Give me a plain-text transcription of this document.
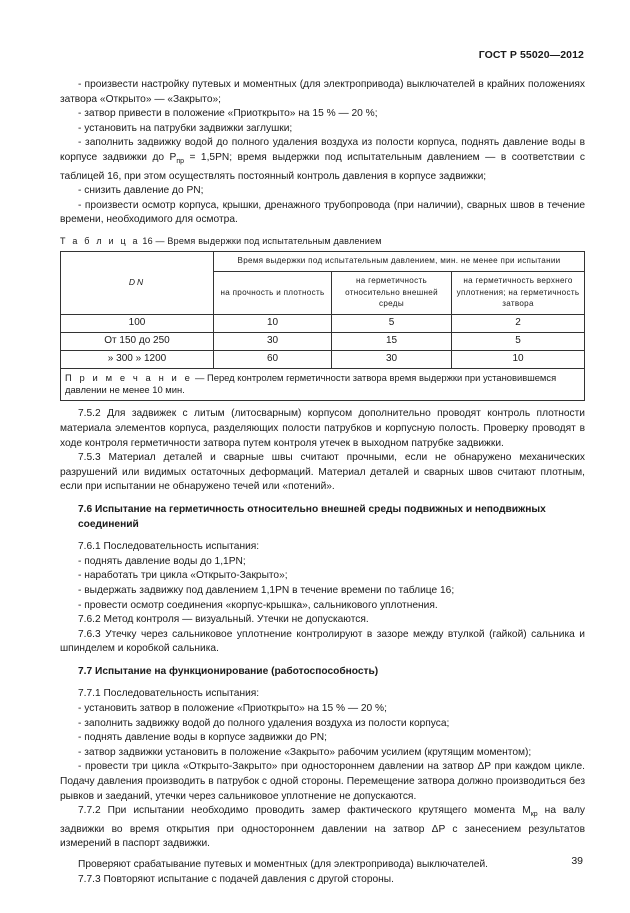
ГОСТ Р 55020—2012

- произвести настройку путевых и моментных (для электропривода) выключателей в крайних положениях затвора «Открыто» — «Закрыто»;

- затвор привести в положение «Приоткрыто» на 15 % — 20 %;

- установить на патрубки задвижки заглушки;

- заполнить задвижку водой до полного удаления воздуха из полости корпуса, поднять давление воды в корпусе задвижки до $P_{пр} = 1,5PN$; время выдержки под испытательным давлением — в соответствии с таблицей 16, при этом осуществлять постоянный контроль давления в корпусе задвижки;

- снизить давление до PN;

- произвести осмотр корпуса, крышки, дренажного трубопровода (при наличии), сварных швов в течение времени, необходимого для осмотра.

Т а б л и ц а 16 — Время выдержки под испытательным давлением
DN	Время выдержки под испытательным давлением, мин. не менее при испытании		
	на прочность и плотность	на герметичность относительно внешней среды	на герметичность верхнего уплотнения; на герметичность затвора
100	10	5	2
От 150 до 250	30	15	5
» 300 » 1200	60	30	10
П р и м е ч а н и е — Перед контролем герметичности затвора время выдержки при установившемся давлении не менее 10 мин.			

7.5.2 Для задвижек с литым (литосварным) корпусом дополнительно проводят контроль плотности материала элементов корпуса, разделяющих полости патрубков и корпусную полость. Проверку проводят в ходе контроля герметичности затвора путем контроля утечек в выходном патрубке задвижки.

7.5.3 Материал деталей и сварные швы считают прочными, если не обнаружено механических разрушений или видимых остаточных деформаций. Материал деталей и сварных швов считают плотным, если при испытании не обнаружено течей или «потений».

7.6 Испытание на герметичность относительно внешней среды подвижных и неподвижных соединений

7.6.1 Последовательность испытания:

- поднять давление воды до 1,1PN;

- наработать три цикла «Открыто-Закрыто»;

- выдержать задвижку под давлением 1,1PN в течение времени по таблице 16;

- провести осмотр соединения «корпус-крышка», сальникового уплотнения.

7.6.2 Метод контроля — визуальный. Утечки не допускаются.

7.6.3 Утечку через сальниковое уплотнение контролируют в зазоре между втулкой (гайкой) сальника и шпинделем и коробкой сальника.

7.7 Испытание на функционирование (работоспособность)

7.7.1 Последовательность испытания:

- установить затвор в положение «Приоткрыто» на 15 % — 20 %;

- заполнить задвижку водой до полного удаления воздуха из полости корпуса;

- поднять давление воды в корпусе задвижки до PN;

- затвор задвижки установить в положение «Закрыто» рабочим усилием (крутящим моментом);

- провести три цикла «Открыто-Закрыто» при одностороннем давлении на затвор ΔP при каждом цикле. Подачу давления производить в патрубок с одной стороны. Перемещение затвора должно производиться без рывков и заеданий, утечки через сальниковое уплотнение не допускаются.

7.7.2 При испытании необходимо проводить замер фактического крутящего момента $M_{кр}$ на валу задвижки во время открытия при одностороннем давлении на затвор ΔP с занесением результатов измерений в паспорт задвижки.

Проверяют срабатывание путевых и моментных (для электропривода) выключателей.

7.7.3 Повторяют испытание с подачей давления с другой стороны.

39
